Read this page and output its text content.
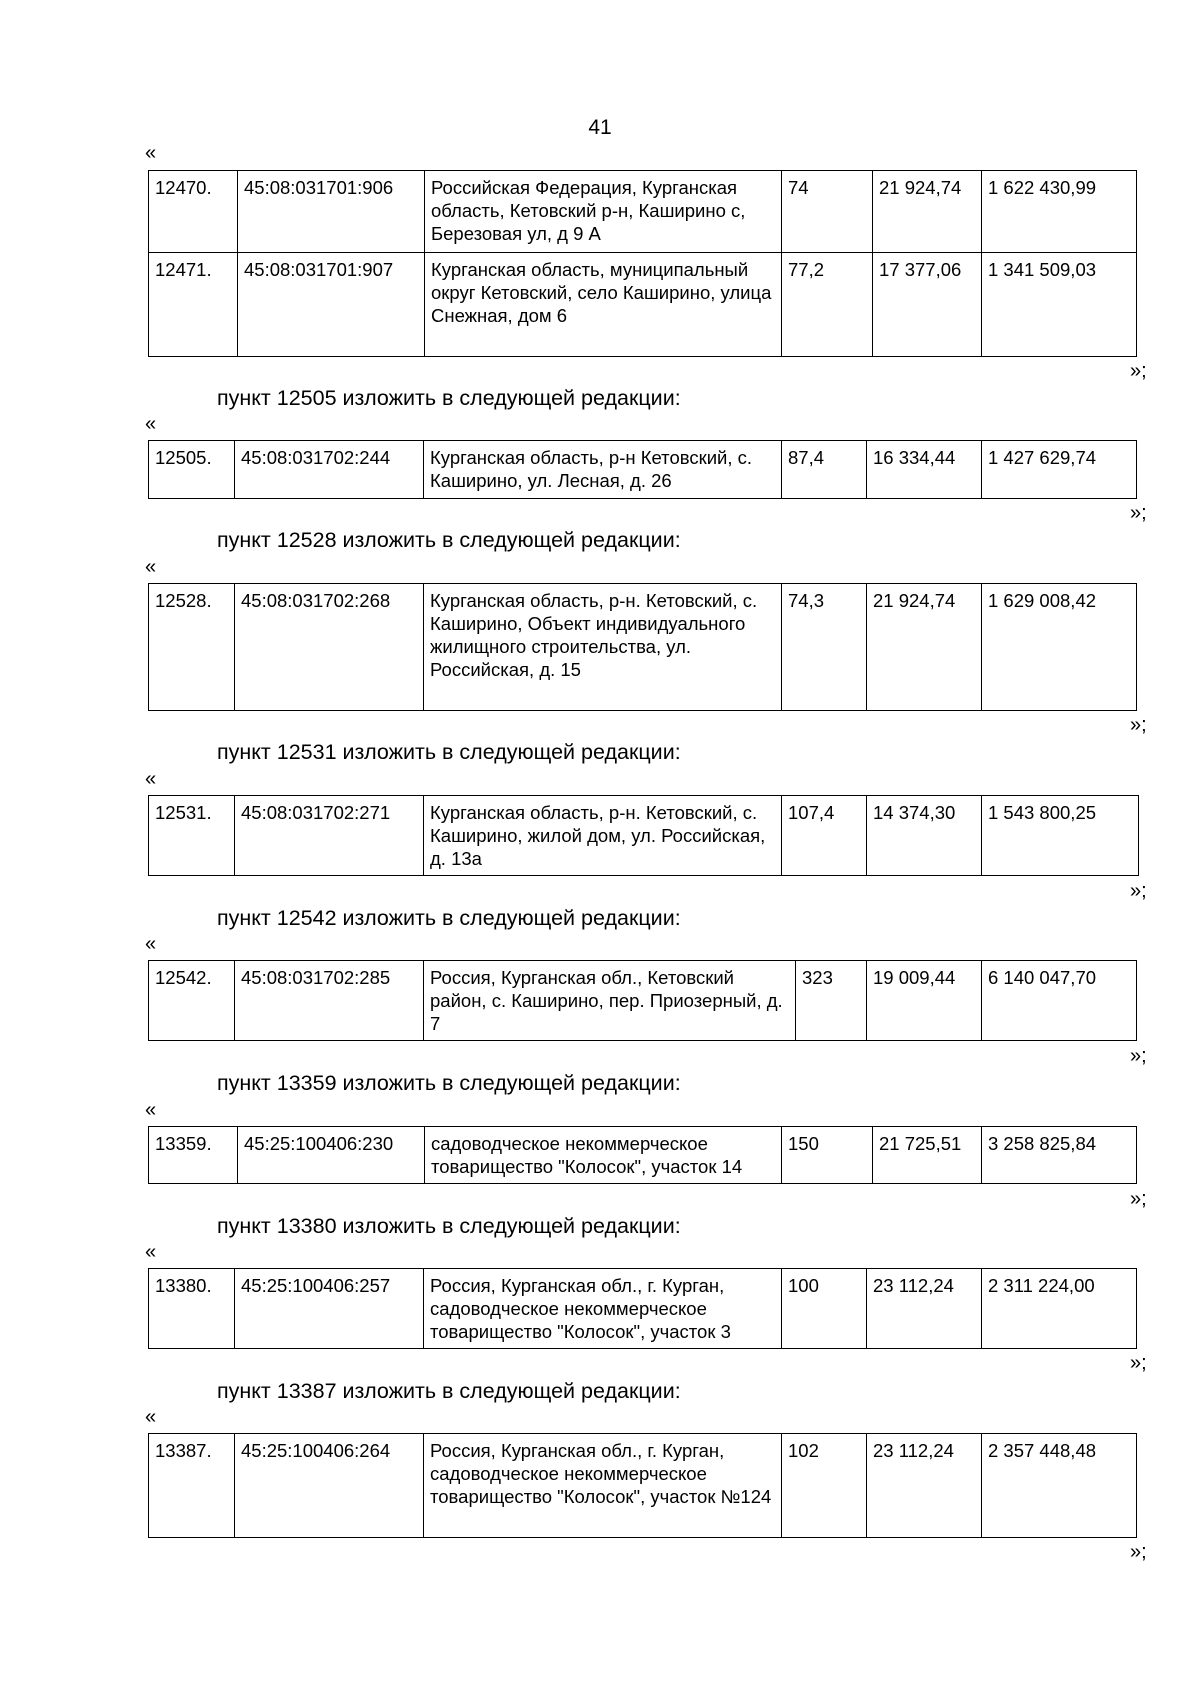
41
«
12470.	45:08:031701:906	Российская Федерация, Курганская область, Кетовский р-н, Каширино с, Березовая ул, д 9 А	74	21 924,74	1 622 430,99
12471.	45:08:031701:907	Курганская область, муниципальный округ Кетовский, село Каширино, улица Снежная, дом 6	77,2	17 377,06	1 341 509,03
»;
пункт 12505 изложить в следующей редакции:
«
12505.	45:08:031702:244	Курганская область, р-н Кетовский, с. Каширино, ул. Лесная, д. 26	87,4	16 334,44	1 427 629,74
»;
пункт 12528 изложить в следующей редакции:
«
12528.	45:08:031702:268	Курганская область, р-н. Кетовский, с. Каширино, Объект индивидуального жилищного строительства, ул. Российская, д. 15	74,3	21 924,74	1 629 008,42
»;
пункт 12531 изложить в следующей редакции:
«
12531.	45:08:031702:271	Курганская область, р-н. Кетовский, с. Каширино, жилой дом, ул. Российская, д. 13а	107,4	14 374,30	1 543 800,25
»;
пункт 12542 изложить в следующей редакции:
«
12542.	45:08:031702:285	Россия, Курганская обл., Кетовский район, с. Каширино, пер. Приозерный, д. 7	323	19 009,44	6 140 047,70
»;
пункт 13359 изложить в следующей редакции:
«
13359.	45:25:100406:230	садоводческое некоммерческое товарищество "Колосок", участок 14	150	21 725,51	3 258 825,84
»;
пункт 13380 изложить в следующей редакции:
«
13380.	45:25:100406:257	Россия, Курганская обл., г. Курган, садоводческое некоммерческое товарищество "Колосок", участок 3	100	23 112,24	2 311 224,00
»;
пункт 13387 изложить в следующей редакции:
«
13387.	45:25:100406:264	Россия, Курганская обл., г. Курган, садоводческое некоммерческое товарищество "Колосок", участок №124	102	23 112,24	2 357 448,48
»;
